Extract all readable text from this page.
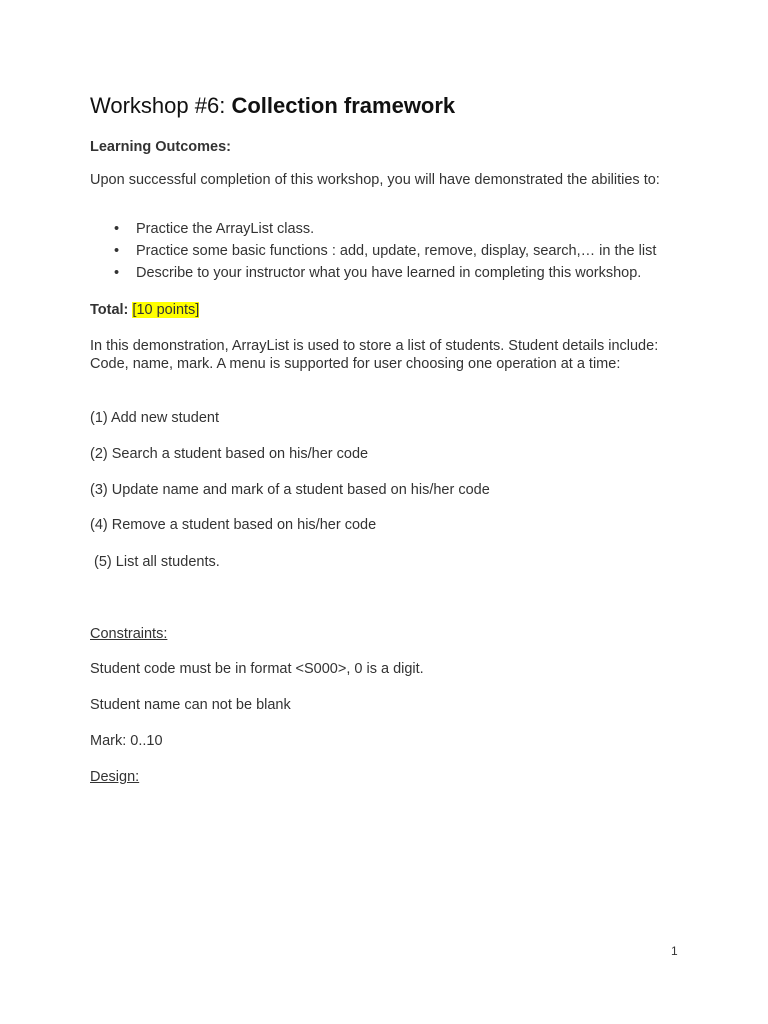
Workshop #6: Collection framework
Learning Outcomes:
Upon successful completion of this workshop, you will have demonstrated the abilities to:
• Practice the ArrayList class.
• Practice some basic functions : add, update, remove, display, search,… in the list
• Describe to your instructor what you have learned in completing this workshop.
Total: [10 points]
In this demonstration, ArrayList is used to store a list of students. Student details include: Code, name, mark. A menu is supported for user choosing one operation at a time:
(1) Add new student
(2) Search a student based on his/her code
(3) Update name and mark of a student based on his/her code
(4) Remove a student based on his/her code
(5) List all students.
Constraints:
Student code must be in format <S000>, 0 is a digit.
Student name can not be blank
Mark: 0..10
Design:
1
